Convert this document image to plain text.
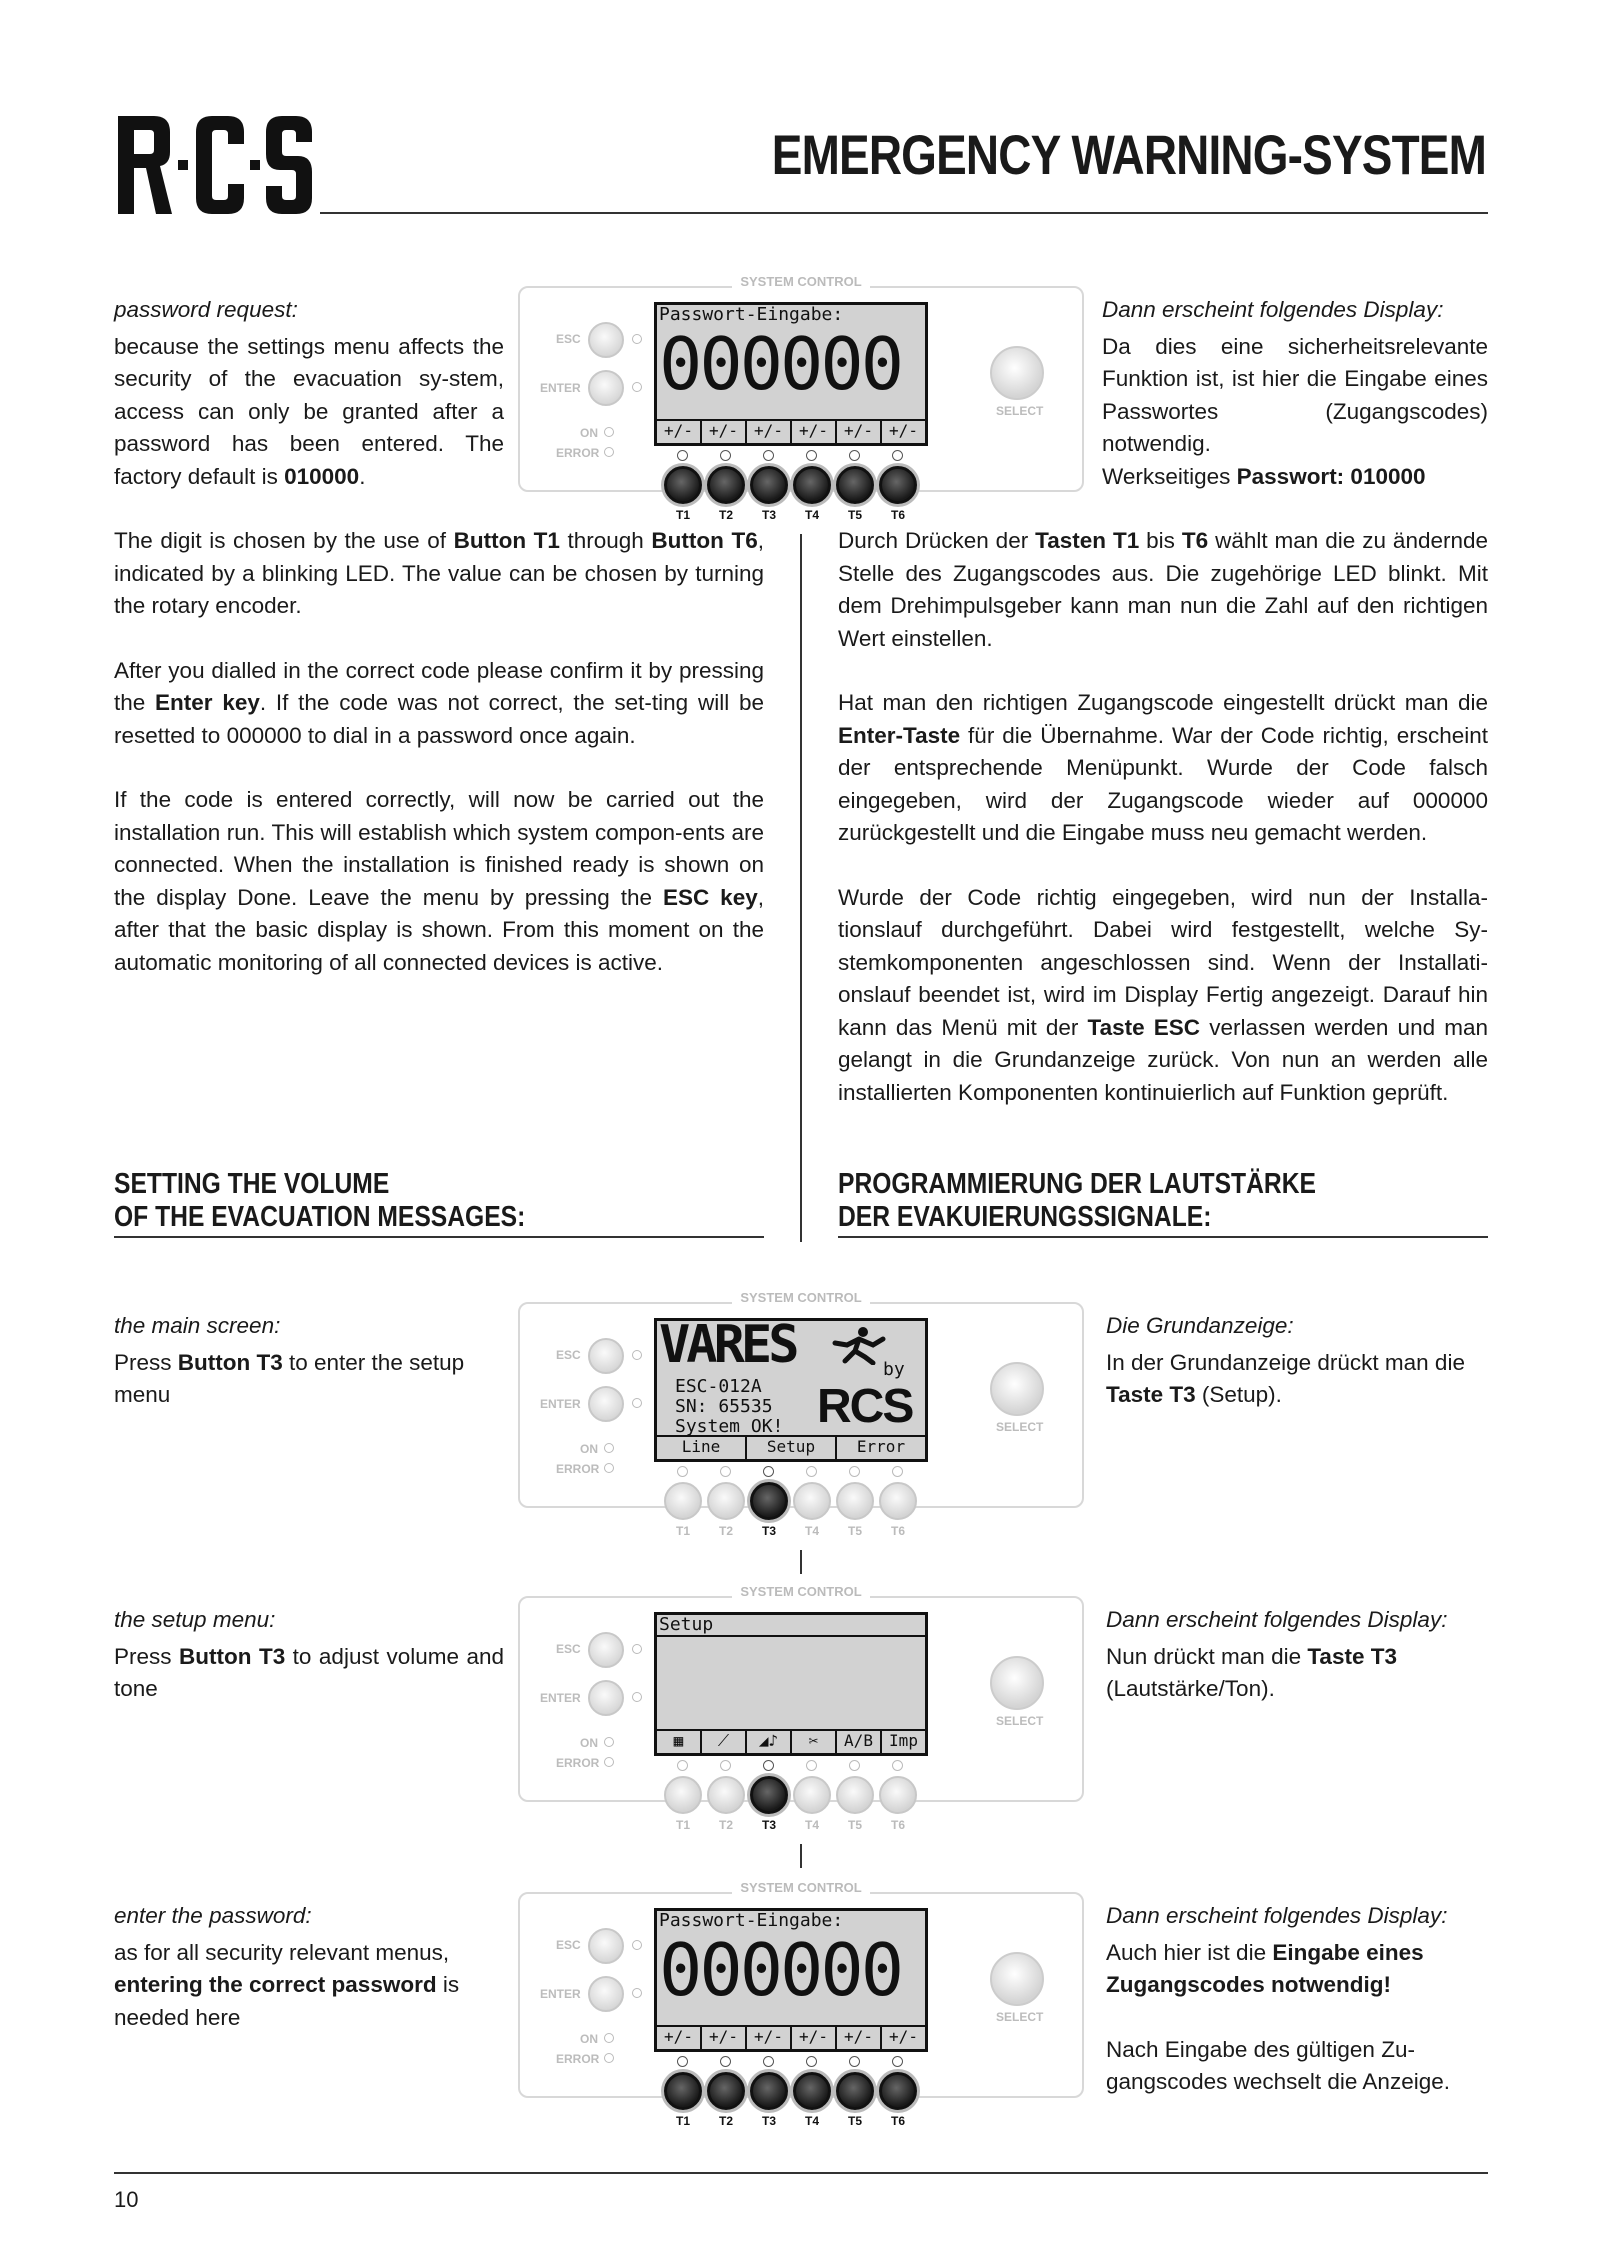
EMERGENCY WARNING-SYSTEM

password request:

because the settings menu affects the security of the evacuation sy-stem, access can only be granted after a password has been entered. The factory default is 010000.

SYSTEM CONTROL
ESC
ENTER
ON
ERROR
SELECT
Passwort-Eingabe:
000000
+/-	+/-	+/-	+/-	+/-	+/-
T1	T2	T3	T4	T5	T6

Dann erscheint folgendes Display:

Da dies eine sicherheitsrelevante Funktion ist, ist hier die Eingabe eines Passwortes (Zugangscodes) notwendig.

Werkseitiges Passwort: 010000

The digit is chosen by the use of Button T1 through Button T6, indicated by a blinking LED. The value can be chosen by turning the rotary encoder.

After you dialled in the correct code please confirm it by pressing the Enter key. If the code was not correct, the set-ting will be resetted to 000000 to dial in a password once again.

If the code is entered correctly, will now be carried out the installation run. This will establish which system compon-ents are connected. When the installation is finished ready is shown on the display Done. Leave the menu by pressing the ESC key, after that the basic display is shown. From this moment on the automatic monitoring of all connected devices is active.

Durch Drücken der Tasten T1 bis T6 wählt man die zu ändernde Stelle des Zugangscodes aus. Die zugehörige LED blinkt. Mit dem Drehimpulsgeber kann man nun die Zahl auf den richtigen Wert einstellen.

Hat man den richtigen Zugangscode eingestellt drückt man die Enter-Taste für die Übernahme. War der Code richtig, erscheint der entsprechende Menüpunkt. Wurde der Code falsch eingegeben, wird der Zugangscode wieder auf 000000 zurückgestellt und die Eingabe muss neu gemacht werden.

Wurde der Code richtig eingegeben, wird nun der Installa-tionslauf durchgeführt. Dabei wird festgestellt, welche Sy-stemkomponenten angeschlossen sind. Wenn der Installati-onslauf beendet ist, wird im Display Fertig angezeigt. Darauf hin kann das Menü mit der Taste ESC verlassen werden und man gelangt in die Grundanzeige zurück. Von nun an werden alle installierten Komponenten kontinuierlich auf Funktion geprüft.

SETTING THE VOLUME
OF THE EVACUATION MESSAGES:
PROGRAMMIERUNG DER LAUTSTÄRKE
DER EVAKUIERUNGSSIGNALE:

the main screen:

Press Button T3 to enter the setup menu

SYSTEM CONTROL
ESC
ENTER
ON
ERROR
SELECT
VARES	by
ESC-012A
SN: 65535
System OK! RCS
Line	Setup	Error
T1	T2	T3	T4	T5	T6

Die Grundanzeige:

In der Grundanzeige drückt man die Taste T3 (Setup).

the setup menu:

Press Button T3 to adjust volume and tone

SYSTEM CONTROL
ESC
ENTER
ON
ERROR
SELECT
Setup
▦	⟋	◢♪	✂	A/B	Imp
T1	T2	T3	T4	T5	T6

Dann erscheint folgendes Display:

Nun drückt man die Taste T3 (Lautstärke/Ton).

enter the password:

as for all security relevant menus, entering the correct password is needed here

SYSTEM CONTROL
ESC
ENTER
ON
ERROR
SELECT
Passwort-Eingabe:
000000
+/-	+/-	+/-	+/-	+/-	+/-
T1	T2	T3	T4	T5	T6

Dann erscheint folgendes Display:

Auch hier ist die Eingabe eines Zugangscodes notwendig!

Nach Eingabe des gültigen Zu-gangscodes wechselt die Anzeige.

10
